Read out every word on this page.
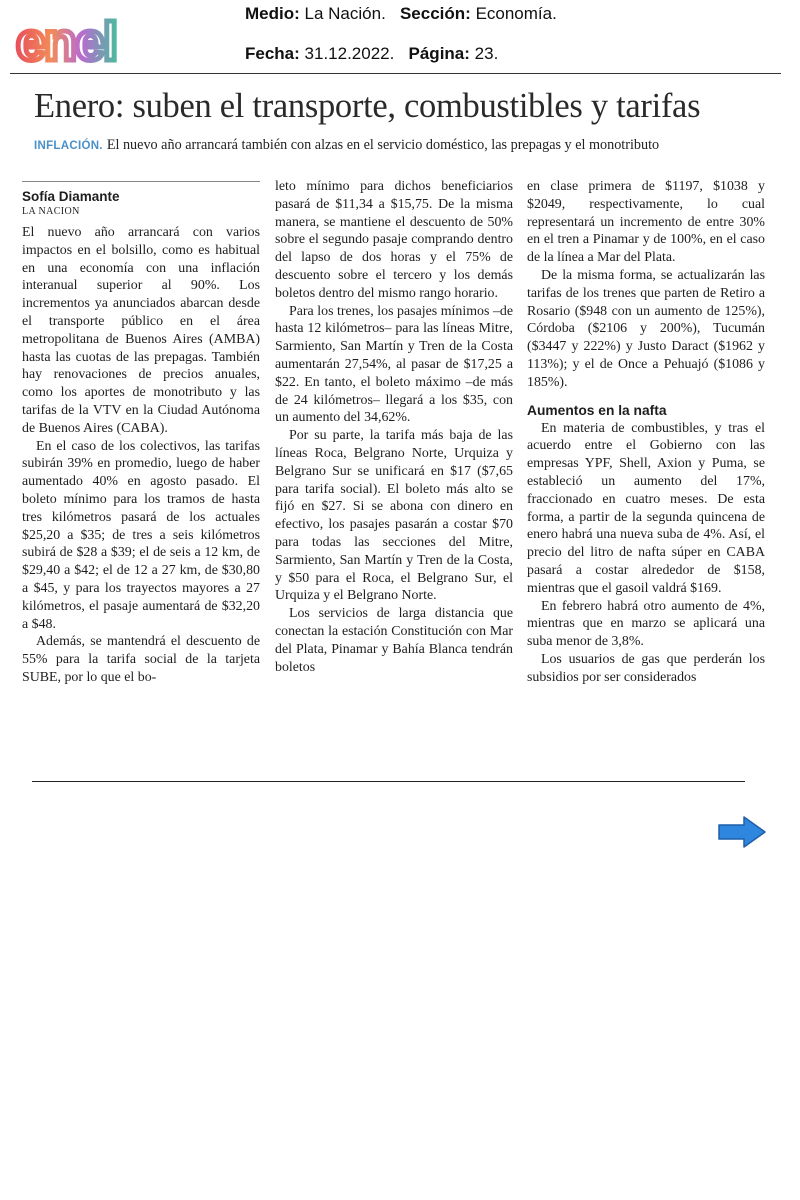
enel	Medio: La Nación. Sección: Economía.
Fecha: 31.12.2022. Página: 23.
Enero: suben el transporte, combustibles y tarifas
INFLACIÓN. El nuevo año arrancará también con alzas en el servicio doméstico, las prepagas y el monotributo
Sofía Diamante
LA NACION

El nuevo año arrancará con varios impactos en el bolsillo, como es habitual en una economía con una inflación interanual superior al 90%. Los incrementos ya anunciados abarcan desde el transporte público en el área metropolitana de Buenos Aires (AMBA) hasta las cuotas de las prepagas. También hay renovaciones de precios anuales, como los aportes de monotributo y las tarifas de la VTV en la Ciudad Autónoma de Buenos Aires (CABA).

En el caso de los colectivos, las tarifas subirán 39% en promedio, luego de haber aumentado 40% en agosto pasado. El boleto mínimo para los tramos de hasta tres kilómetros pasará de los actuales $25,20 a $35; de tres a seis kilómetros subirá de $28 a $39; el de seis a 12 km, de $29,40 a $42; el de 12 a 27 km, de $30,80 a $45, y para los trayectos mayores a 27 kilómetros, el pasaje aumentará de $32,20 a $48.

Además, se mantendrá el descuento de 55% para la tarifa social de la tarjeta SUBE, por lo que el bo-

leto mínimo para dichos beneficiarios pasará de $11,34 a $15,75. De la misma manera, se mantiene el descuento de 50% sobre el segundo pasaje comprando dentro del lapso de dos horas y el 75% de descuento sobre el tercero y los demás boletos dentro del mismo rango horario.

Para los trenes, los pasajes mínimos –de hasta 12 kilómetros– para las líneas Mitre, Sarmiento, San Martín y Tren de la Costa aumentarán 27,54%, al pasar de $17,25 a $22. En tanto, el boleto máximo –de más de 24 kilómetros– llegará a los $35, con un aumento del 34,62%.

Por su parte, la tarifa más baja de las líneas Roca, Belgrano Norte, Urquiza y Belgrano Sur se unificará en $17 ($7,65 para tarifa social). El boleto más alto se fijó en $27. Si se abona con dinero en efectivo, los pasajes pasarán a costar $70 para todas las secciones del Mitre, Sarmiento, San Martín y Tren de la Costa, y $50 para el Roca, el Belgrano Sur, el Urquiza y el Belgrano Norte.

Los servicios de larga distancia que conectan la estación Constitución con Mar del Plata, Pinamar y Bahía Blanca tendrán boletos

en clase primera de $1197, $1038 y $2049, respectivamente, lo cual representará un incremento de entre 30% en el tren a Pinamar y de 100%, en el caso de la línea a Mar del Plata.

De la misma forma, se actualizarán las tarifas de los trenes que parten de Retiro a Rosario ($948 con un aumento de 125%), Córdoba ($2106 y 200%), Tucumán ($3447 y 222%) y Justo Daract ($1962 y 113%); y el de Once a Pehuajó ($1086 y 185%).

Aumentos en la nafta

En materia de combustibles, y tras el acuerdo entre el Gobierno con las empresas YPF, Shell, Axion y Puma, se estableció un aumento del 17%, fraccionado en cuatro meses. De esta forma, a partir de la segunda quincena de enero habrá una nueva suba de 4%. Así, el precio del litro de nafta súper en CABA pasará a costar alrededor de $158, mientras que el gasoil valdrá $169.

En febrero habrá otro aumento de 4%, mientras que en marzo se aplicará una suba menor de 3,8%.

Los usuarios de gas que perderán los subsidios por ser considerados
